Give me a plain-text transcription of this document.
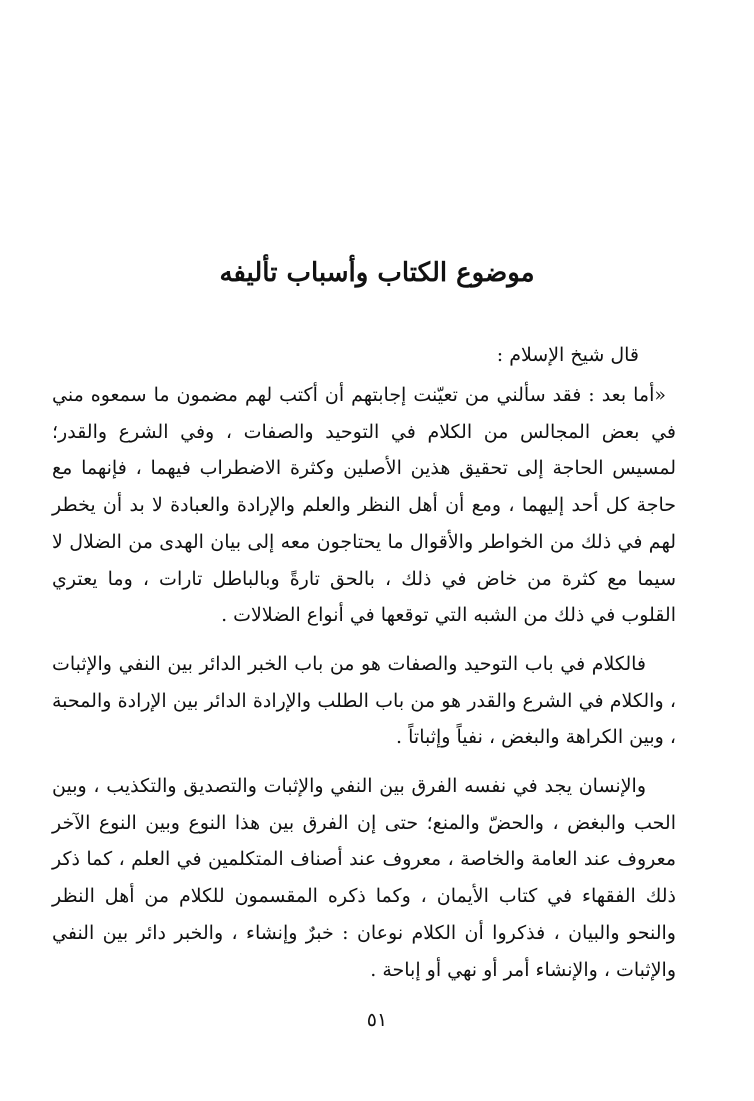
موضوع الكتاب وأسباب تأليفه

قال شيخ الإسلام :

«أما بعد : فقد سألني من تعيّنت إجابتهم أن أكتب لهم مضمون ما سمعوه مني في بعض المجالس من الكلام في التوحيد والصفات ، وفي الشرع والقدر؛ لمسيس الحاجة إلى تحقيق هذين الأصلين وكثرة الاضطراب فيهما ، فإنهما مع حاجة كل أحد إليهما ، ومع أن أهل النظر والعلم والإرادة والعبادة لا بد أن يخطر لهم في ذلك من الخواطر والأقوال ما يحتاجون معه إلى بيان الهدى من الضلال لا سيما مع كثرة من خاض في ذلك ، بالحق تارةً وبالباطل تارات ، وما يعتري القلوب في ذلك من الشبه التي توقعها في أنواع الضلالات .

فالكلام في باب التوحيد والصفات هو من باب الخبر الدائر بين النفي والإثبات ، والكلام في الشرع والقدر هو من باب الطلب والإرادة الدائر بين الإرادة والمحبة ، وبين الكراهة والبغض ، نفياً وإثباتاً .

والإنسان يجد في نفسه الفرق بين النفي والإثبات والتصديق والتكذيب ، وبين الحب والبغض ، والحضّ والمنع؛ حتى إن الفرق بين هذا النوع وبين النوع الآخر معروف عند العامة والخاصة ، معروف عند أصناف المتكلمين في العلم ، كما ذكر ذلك الفقهاء في كتاب الأيمان ، وكما ذكره المقسمون للكلام من أهل النظر والنحو والبيان ، فذكروا أن الكلام نوعان : خبرٌ وإنشاء ، والخبر دائر بين النفي والإثبات ، والإنشاء أمر أو نهي أو إباحة .

٥١
